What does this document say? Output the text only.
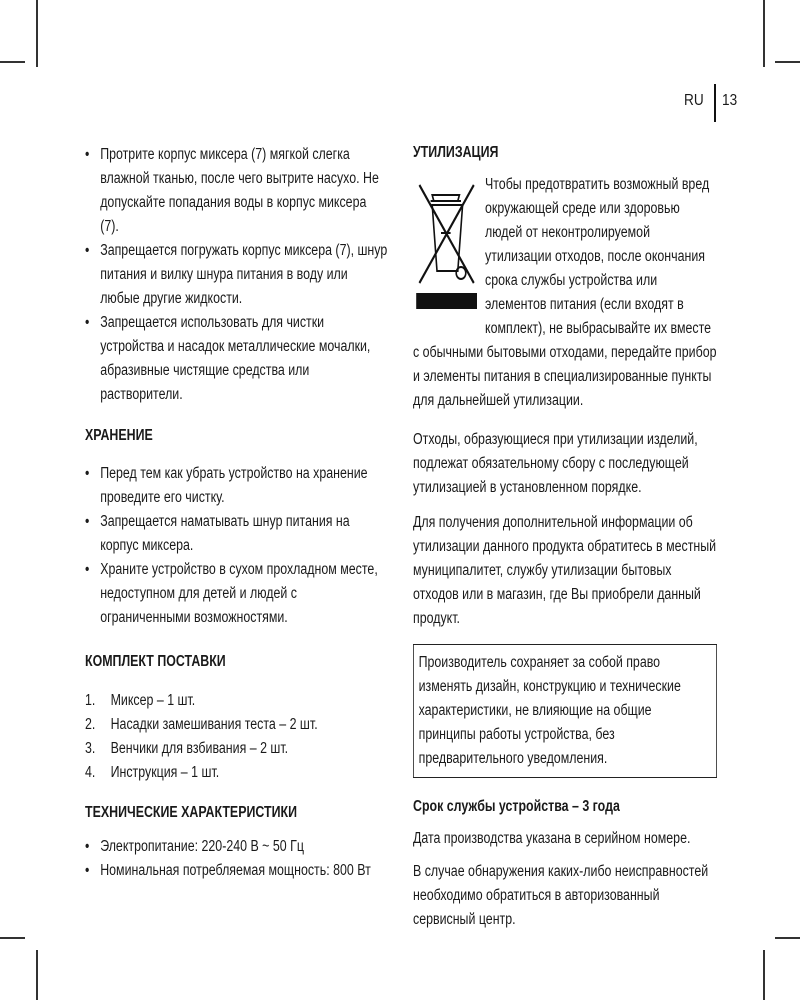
RU 13
• Протрите корпус миксера (7) мягкой слегка влажной тканью, после чего вытрите насухо. Не допускайте попадания воды в корпус миксера (7).
• Запрещается погружать корпус миксера (7), шнур питания и вилку шнура питания в воду или любые другие жидкости.
• Запрещается использовать для чистки устройства и насадок металлические мочалки, абразивные чистящие средства или растворители.
ХРАНЕНИЕ
• Перед тем как убрать устройство на хранение проведите его чистку.
• Запрещается наматывать шнур питания на корпус миксера.
• Храните устройство в сухом прохладном месте, недоступном для детей и людей с ограниченными возможностями.
КОМПЛЕКТ ПОСТАВКИ
1. Миксер – 1 шт.
2. Насадки замешивания теста – 2 шт.
3. Венчики для взбивания – 2 шт.
4. Инструкция – 1 шт.
ТЕХНИЧЕСКИЕ ХАРАКТЕРИСТИКИ
• Электропитание: 220-240 В ~ 50 Гц
• Номинальная потребляемая мощность: 800 Вт
УТИЛИЗАЦИЯ

Чтобы предотвратить возможный вред окружающей среде или здоровью людей от неконтролируемой утилизации отходов, после окончания срока службы устройства или элементов питания (если входят в комплект), не выбрасывайте их вместе с обычными бытовыми отходами, передайте прибор и элементы питания в специализированные пункты для дальнейшей утилизации.

Отходы, образующиеся при утилизации изделий, подлежат обязательному сбору с последующей утилизацией в установленном порядке.

Для получения дополнительной информации об утилизации данного продукта обратитесь в местный муниципалитет, службу утилизации бытовых отходов или в магазин, где Вы приобрели данный продукт.

Производитель сохраняет за собой право изменять дизайн, конструкцию и технические характеристики, не влияющие на общие принципы работы устройства, без предварительного уведомления.

Срок службы устройства – 3 года

Дата производства указана в серийном номере.

В случае обнаружения каких-либо неисправностей необходимо обратиться в авторизованный сервисный центр.
